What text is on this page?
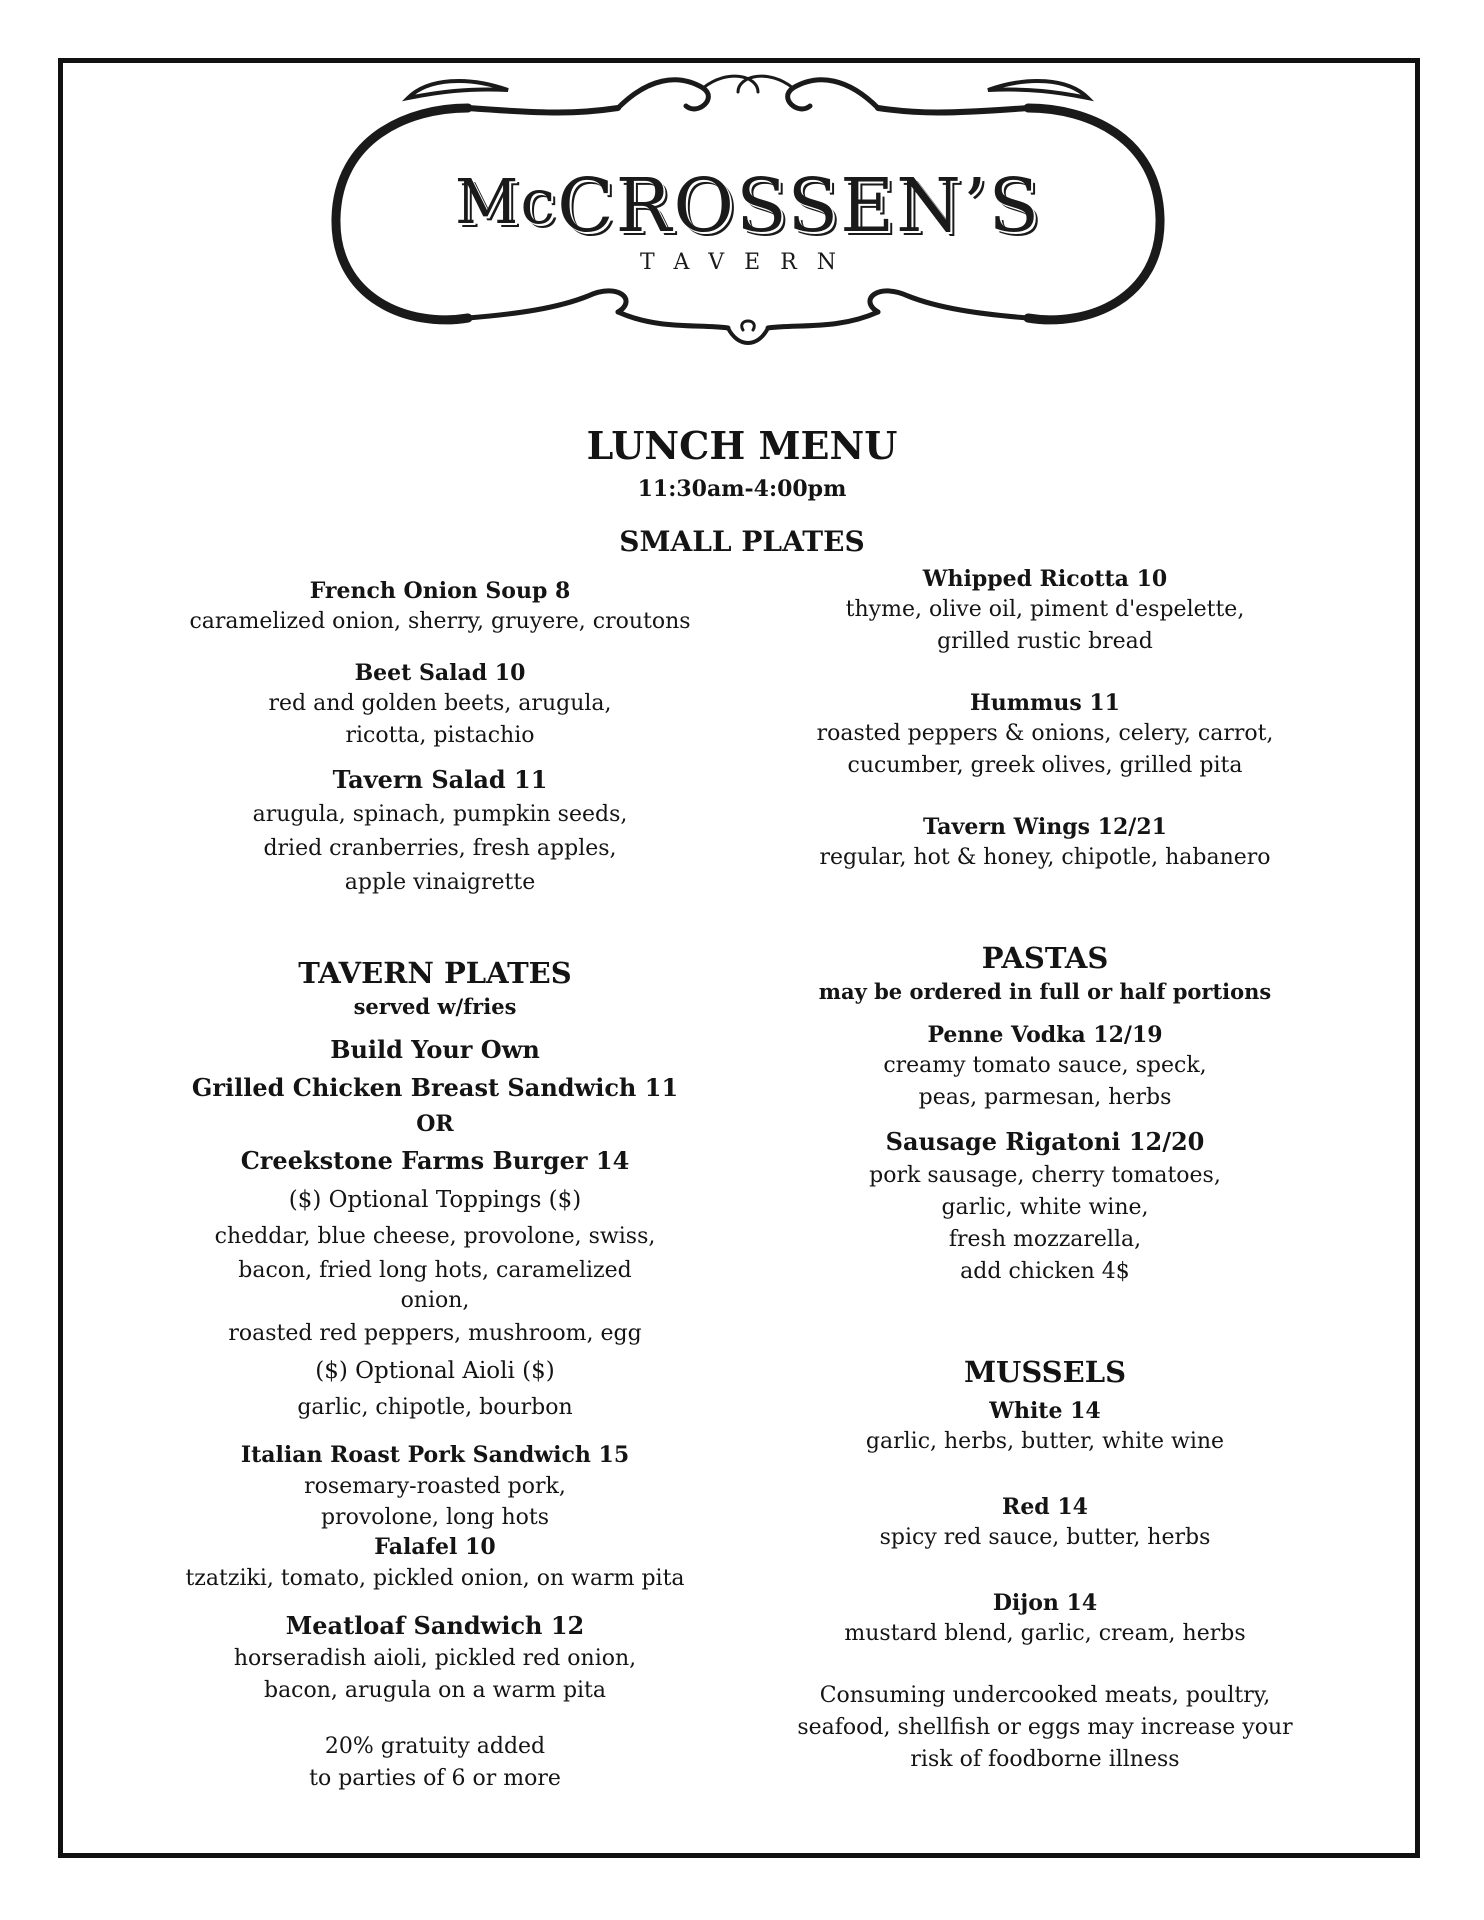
McCROSSEN’S
TAVERN
LUNCH MENU
11:30am-4:00pm
SMALL PLATES
French Onion Soup 8
caramelized onion, sherry, gruyere, croutons
Beet Salad 10
red and golden beets, arugula,
ricotta, pistachio
Tavern Salad 11
arugula, spinach, pumpkin seeds,
dried cranberries, fresh apples,
apple vinaigrette
Whipped Ricotta 10
thyme, olive oil, piment d'espelette,
grilled rustic bread
Hummus 11
roasted peppers & onions, celery, carrot,
cucumber, greek olives, grilled pita
Tavern Wings 12/21
regular, hot & honey, chipotle, habanero
TAVERN PLATES
served w/fries
Build Your Own
Grilled Chicken Breast Sandwich 11
OR
Creekstone Farms Burger 14
($) Optional Toppings ($)
cheddar, blue cheese, provolone, swiss,
bacon, fried long hots, caramelized
onion,
roasted red peppers, mushroom, egg
($) Optional Aioli ($)
garlic, chipotle, bourbon
Italian Roast Pork Sandwich 15
rosemary-roasted pork,
provolone, long hots
Falafel 10
tzatziki, tomato, pickled onion, on warm pita
Meatloaf Sandwich 12
horseradish aioli, pickled red onion,
bacon, arugula on a warm pita
20% gratuity added
to parties of 6 or more
PASTAS
may be ordered in full or half portions
Penne Vodka 12/19
creamy tomato sauce, speck,
peas, parmesan, herbs
Sausage Rigatoni 12/20
pork sausage, cherry tomatoes,
garlic, white wine,
fresh mozzarella,
add chicken 4$
MUSSELS
White 14
garlic, herbs, butter, white wine
Red 14
spicy red sauce, butter, herbs
Dijon 14
mustard blend, garlic, cream, herbs
Consuming undercooked meats, poultry,
seafood, shellfish or eggs may increase your
risk of foodborne illness
